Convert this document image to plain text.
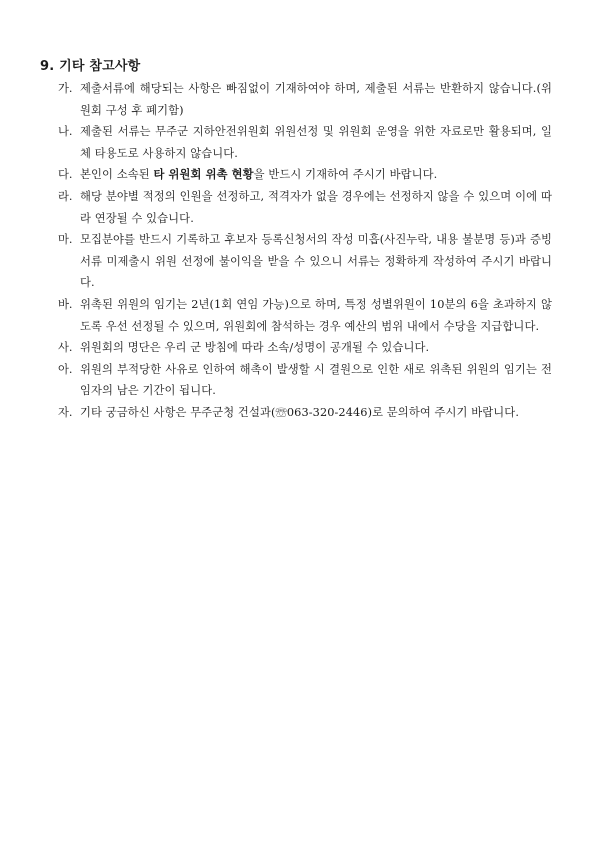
9. 기타 참고사항
가. 제출서류에 해당되는 사항은 빠짐없이 기재하여야 하며, 제출된 서류는 반환하지 않습니다.(위원회 구성 후 폐기함)
나. 제출된 서류는 무주군 지하안전위원회 위원선정 및 위원회 운영을 위한 자료로만 활용되며, 일체 타용도로 사용하지 않습니다.
다. 본인이 소속된 타 위원회 위촉 현황을 반드시 기재하여 주시기 바랍니다.
라. 해당 분야별 적정의 인원을 선정하고, 적격자가 없을 경우에는 선정하지 않을 수 있으며 이에 따라 연장될 수 있습니다.
마. 모집분야를 반드시 기록하고 후보자 등록신청서의 작성 미흡(사진누락, 내용 불분명 등)과 증빙서류 미제출시 위원 선정에 불이익을 받을 수 있으니 서류는 정확하게 작성하여 주시기 바랍니다.
바. 위촉된 위원의 임기는 2년(1회 연임 가능)으로 하며, 특정 성별위원이 10분의 6을 초과하지 않도록 우선 선정될 수 있으며, 위원회에 참석하는 경우 예산의 범위 내에서 수당을 지급합니다.
사. 위원회의 명단은 우리 군 방침에 따라 소속/성명이 공개될 수 있습니다.
아. 위원의 부적당한 사유로 인하여 해촉이 발생할 시 결원으로 인한 새로 위촉된 위원의 임기는 전임자의 남은 기간이 됩니다.
자. 기타 궁금하신 사항은 무주군청 건설과(☏063-320-2446)로 문의하여 주시기 바랍니다.
